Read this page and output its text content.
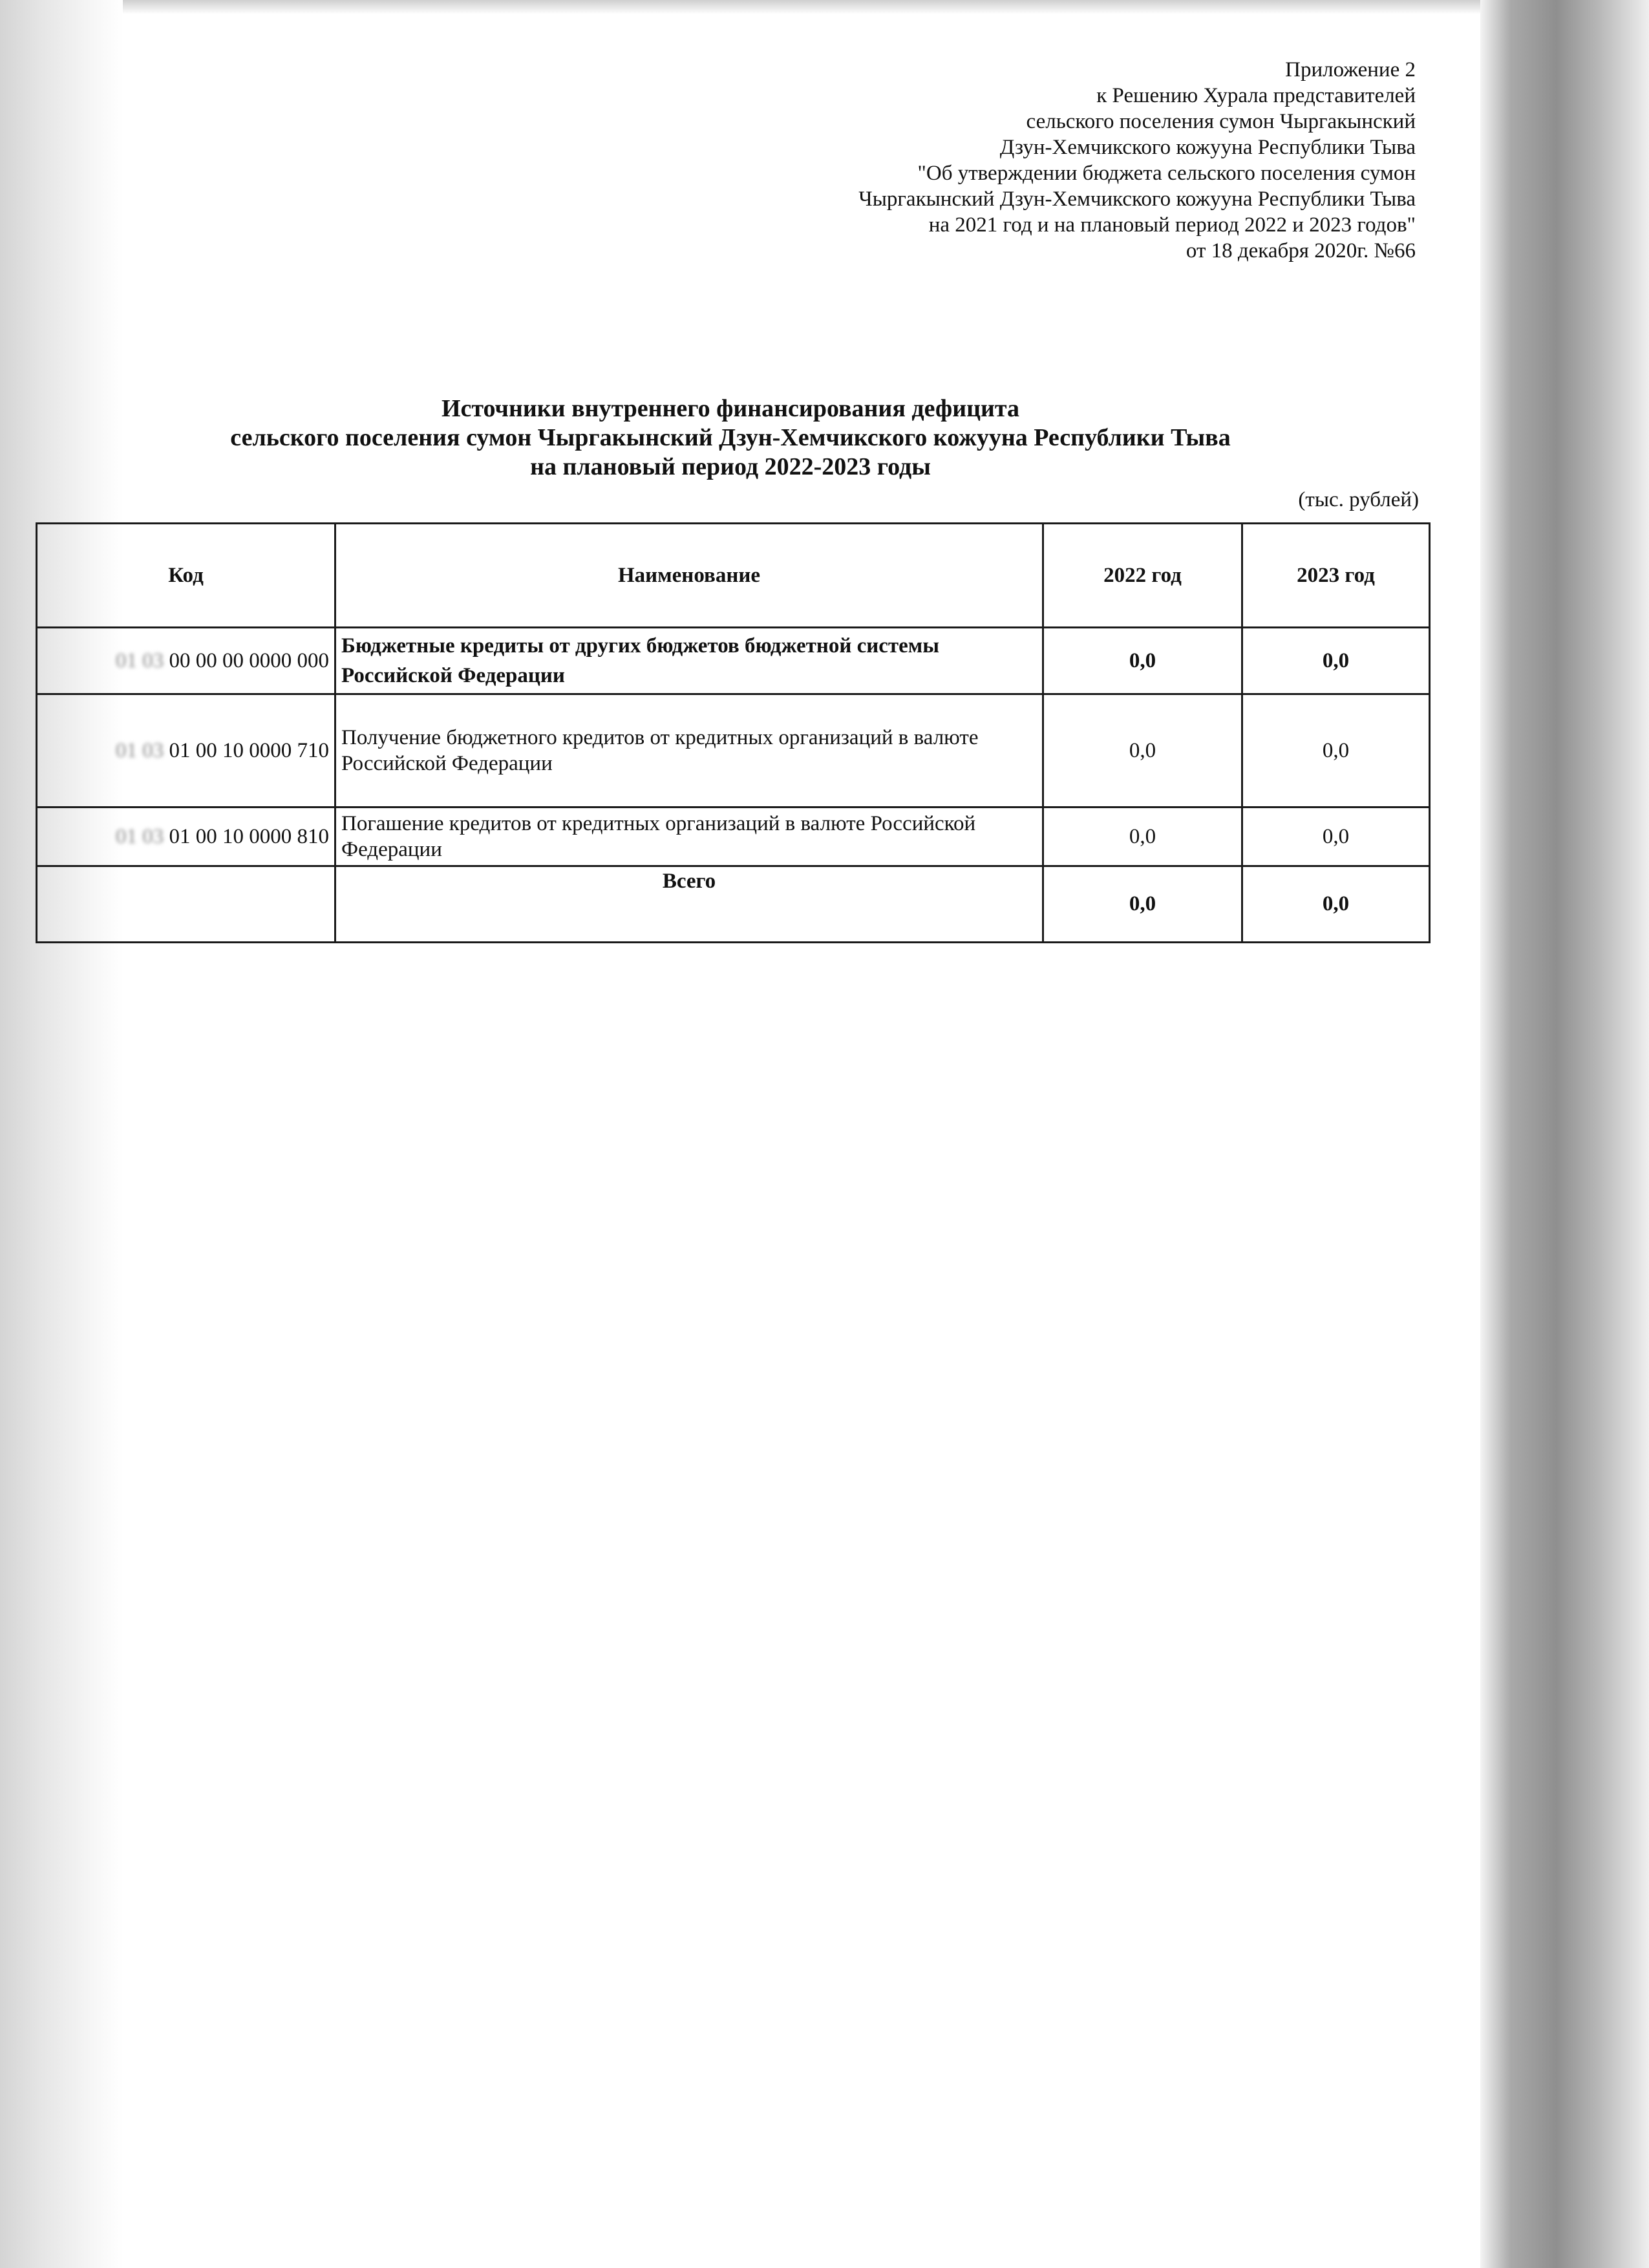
Приложение 2
к Решению Хурала представителей
сельского поселения сумон Чыргакынский
Дзун-Хемчикского кожууна Республики Тыва
"Об утверждении бюджета сельского поселения сумон
Чыргакынский Дзун-Хемчикского кожууна Республики Тыва
на 2021 год и на плановый период 2022 и 2023 годов"
от 18 декабря 2020г. №66
Источники внутреннего финансирования дефицита
сельского поселения сумон Чыргакынский Дзун-Хемчикского кожууна Республики Тыва
на плановый период 2022-2023 годы
(тыс. рублей)
Код	Наименование	2022 год	2023 год
01 03 00 00 00 0000 000	Бюджетные кредиты от других бюджетов бюджетной системы Российской Федерации	0,0	0,0
01 03 01 00 10 0000 710	Получение бюджетного кредитов от кредитных организаций в валюте Российской Федерации	0,0	0,0
01 03 01 00 10 0000 810	Погашение кредитов от кредитных организаций в валюте Российской Федерации	0,0	0,0
	Всего	0,0	0,0
